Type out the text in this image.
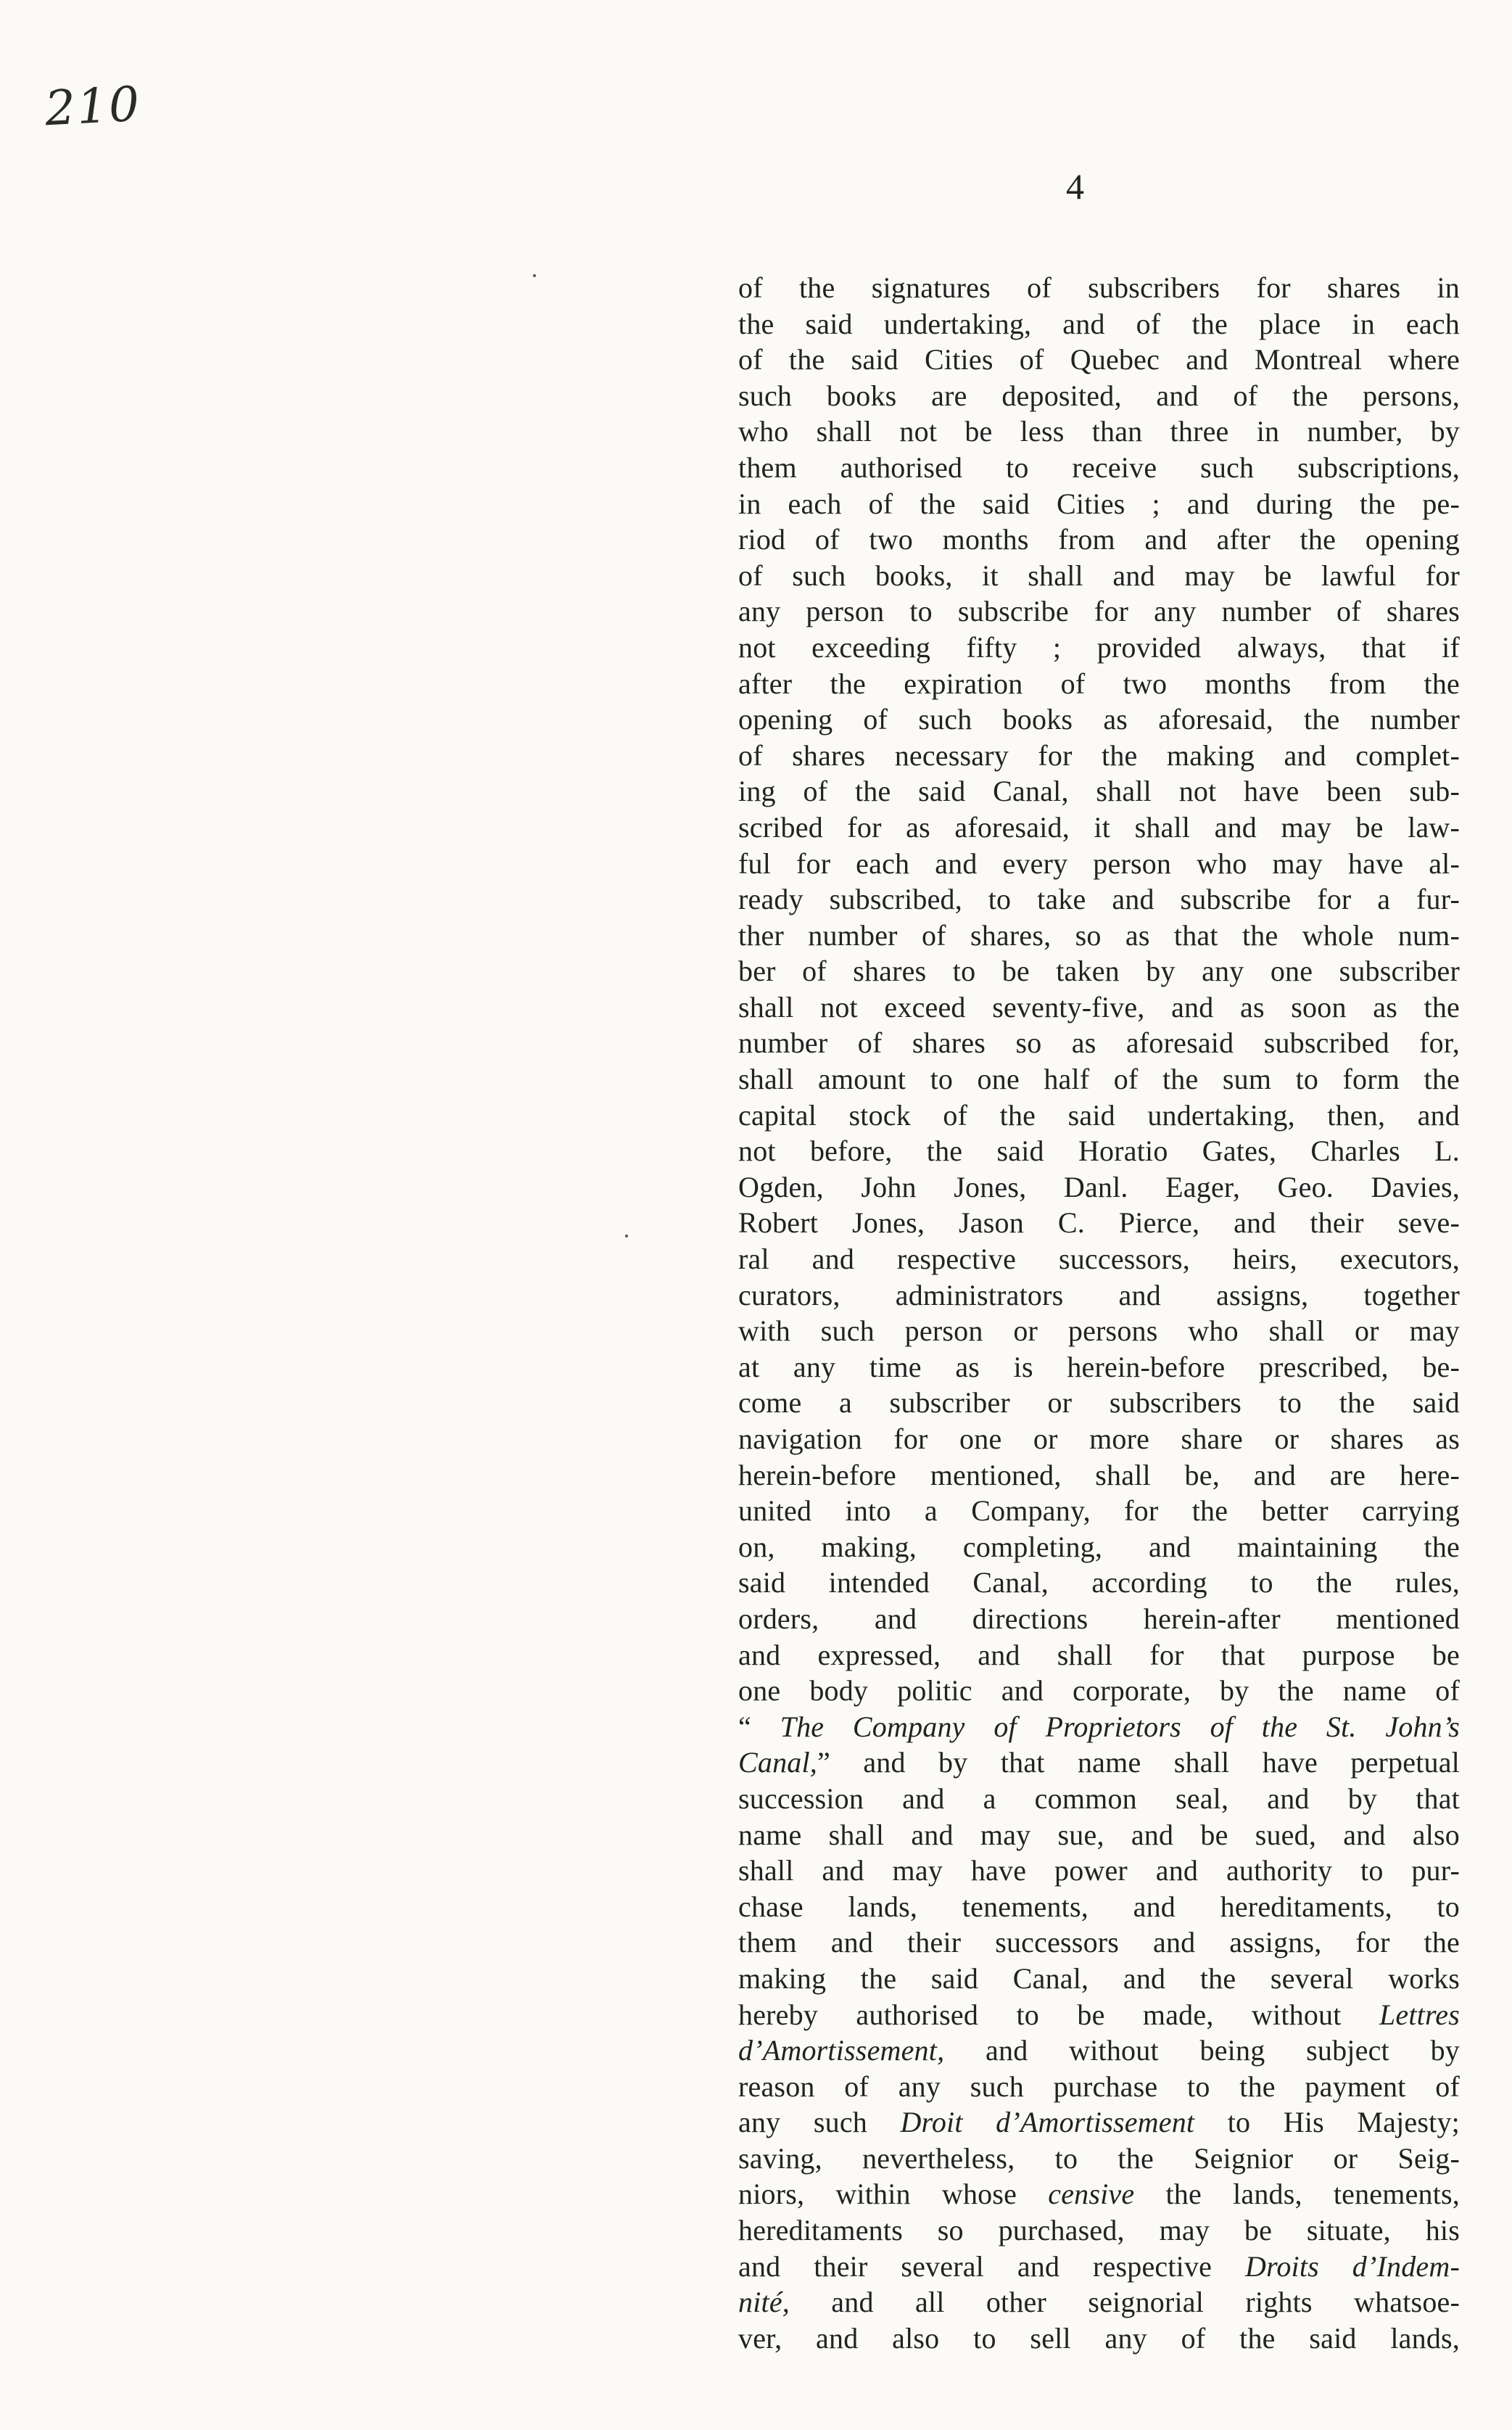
210
4
of the signatures of subscribers for shares in
the said undertaking, and of the place in each
of the said Cities of Quebec and Montreal where
such books are deposited, and of the persons,
who shall not be less than three in number, by
them authorised to receive such subscriptions,
in each of the said Cities ; and during the pe-
riod of two months from and after the opening
of such books, it shall and may be lawful for
any person to subscribe for any number of shares
not exceeding fifty ; provided always, that if
after the expiration of two months from the
opening of such books as aforesaid, the number
of shares necessary for the making and complet-
ing of the said Canal, shall not have been sub-
scribed for as aforesaid, it shall and may be law-
ful for each and every person who may have al-
ready subscribed, to take and subscribe for a fur-
ther number of shares, so as that the whole num-
ber of shares to be taken by any one subscriber
shall not exceed seventy-five, and as soon as the
number of shares so as aforesaid subscribed for,
shall amount to one half of the sum to form the
capital stock of the said undertaking, then, and
not before, the said Horatio Gates, Charles L.
Ogden, John Jones, Danl. Eager, Geo. Davies,
Robert Jones, Jason C. Pierce, and their seve-
ral and respective successors, heirs, executors,
curators, administrators and assigns, together
with such person or persons who shall or may
at any time as is herein-before prescribed, be-
come a subscriber or subscribers to the said
navigation for one or more share or shares as
herein-before mentioned, shall be, and are here-
united into a Company, for the better carrying
on, making, completing, and maintaining the
said intended Canal, according to the rules,
orders, and directions herein-after mentioned
and expressed, and shall for that purpose be
one body politic and corporate, by the name of
“ The Company of Proprietors of the St. John’s
Canal,” and by that name shall have perpetual
succession and a common seal, and by that
name shall and may sue, and be sued, and also
shall and may have power and authority to pur-
chase lands, tenements, and hereditaments, to
them and their successors and assigns, for the
making the said Canal, and the several works
hereby authorised to be made, without Lettres
d’Amortissement, and without being subject by
reason of any such purchase to the payment of
any such Droit d’Amortissement to His Majesty;
saving, nevertheless, to the Seignior or Seig-
niors, within whose censive the lands, tenements,
hereditaments so purchased, may be situate, his
and their several and respective Droits d’Indem-
nité, and all other seignorial rights whatsoe-
ver, and also to sell any of the said lands,
